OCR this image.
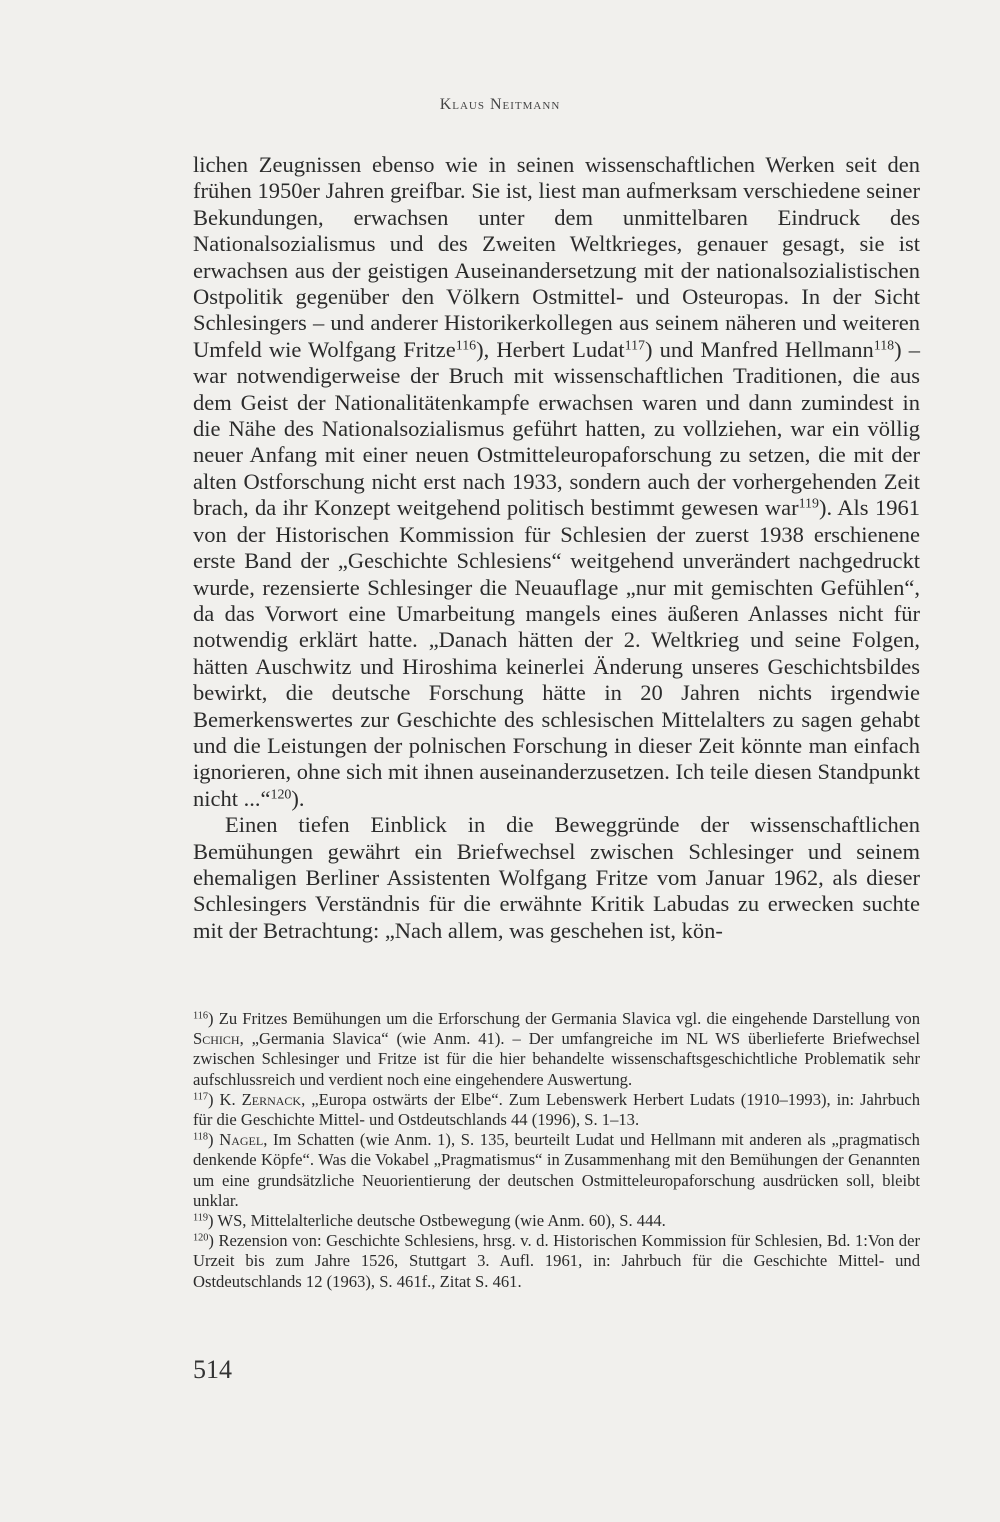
Klaus Neitmann

lichen Zeugnissen ebenso wie in seinen wissenschaftlichen Werken seit den frühen 1950er Jahren greifbar. Sie ist, liest man aufmerksam verschiedene seiner Bekundungen, erwachsen unter dem unmittelbaren Eindruck des Nationalsozialismus und des Zweiten Weltkrieges, genauer gesagt, sie ist erwachsen aus der geistigen Auseinandersetzung mit der nationalsozialistischen Ostpolitik gegenüber den Völkern Ostmittel- und Osteuropas. In der Sicht Schlesingers – und anderer Historikerkollegen aus seinem näheren und weiteren Umfeld wie Wolfgang Fritze$^{116}$), Herbert Ludat$^{117}$) und Manfred Hellmann$^{118}$) – war notwendigerweise der Bruch mit wissenschaftlichen Traditionen, die aus dem Geist der Nationalitätenkampfe erwachsen waren und dann zumindest in die Nähe des Nationalsozialismus geführt hatten, zu vollziehen, war ein völlig neuer Anfang mit einer neuen Ostmitteleuropaforschung zu setzen, die mit der alten Ostforschung nicht erst nach 1933, sondern auch der vorhergehenden Zeit brach, da ihr Konzept weitgehend politisch bestimmt gewesen war$^{119}$). Als 1961 von der Historischen Kommission für Schlesien der zuerst 1938 erschienene erste Band der „Geschichte Schlesiens“ weitgehend unverändert nachgedruckt wurde, rezensierte Schlesinger die Neuauflage „nur mit gemischten Gefühlen“, da das Vorwort eine Umarbeitung mangels eines äußeren Anlasses nicht für notwendig erklärt hatte. „Danach hätten der 2. Weltkrieg und seine Folgen, hätten Auschwitz und Hiroshima keinerlei Änderung unseres Geschichtsbildes bewirkt, die deutsche Forschung hätte in 20 Jahren nichts irgendwie Bemerkenswertes zur Geschichte des schlesischen Mittelalters zu sagen gehabt und die Leistungen der polnischen Forschung in dieser Zeit könnte man einfach ignorieren, ohne sich mit ihnen auseinanderzusetzen. Ich teile diesen Standpunkt nicht ...“$^{120}$).

Einen tiefen Einblick in die Beweggründe der wissenschaftlichen Bemühungen gewährt ein Briefwechsel zwischen Schlesinger und seinem ehemaligen Berliner Assistenten Wolfgang Fritze vom Januar 1962, als dieser Schlesingers Verständnis für die erwähnte Kritik Labudas zu erwecken suchte mit der Betrachtung: „Nach allem, was geschehen ist, kön-

$^{116}$) Zu Fritzes Bemühungen um die Erforschung der Germania Slavica vgl. die eingehende Darstellung von Schich, „Germania Slavica“ (wie Anm. 41). – Der umfangreiche im NL WS überlieferte Briefwechsel zwischen Schlesinger und Fritze ist für die hier behandelte wissenschaftsgeschichtliche Problematik sehr aufschlussreich und verdient noch eine eingehendere Auswertung.

$^{117}$) K. Zernack, „Europa ostwärts der Elbe“. Zum Lebenswerk Herbert Ludats (1910–1993), in: Jahrbuch für die Geschichte Mittel- und Ostdeutschlands 44 (1996), S. 1–13.

$^{118}$) Nagel, Im Schatten (wie Anm. 1), S. 135, beurteilt Ludat und Hellmann mit anderen als „pragmatisch denkende Köpfe“. Was die Vokabel „Pragmatismus“ in Zusammenhang mit den Bemühungen der Genannten um eine grundsätzliche Neuorientierung der deutschen Ostmitteleuropaforschung ausdrücken soll, bleibt unklar.

$^{119}$) WS, Mittelalterliche deutsche Ostbewegung (wie Anm. 60), S. 444.

$^{120}$) Rezension von: Geschichte Schlesiens, hrsg. v. d. Historischen Kommission für Schlesien, Bd. 1:Von der Urzeit bis zum Jahre 1526, Stuttgart 3. Aufl. 1961, in: Jahrbuch für die Geschichte Mittel- und Ostdeutschlands 12 (1963), S. 461f., Zitat S. 461.

514
